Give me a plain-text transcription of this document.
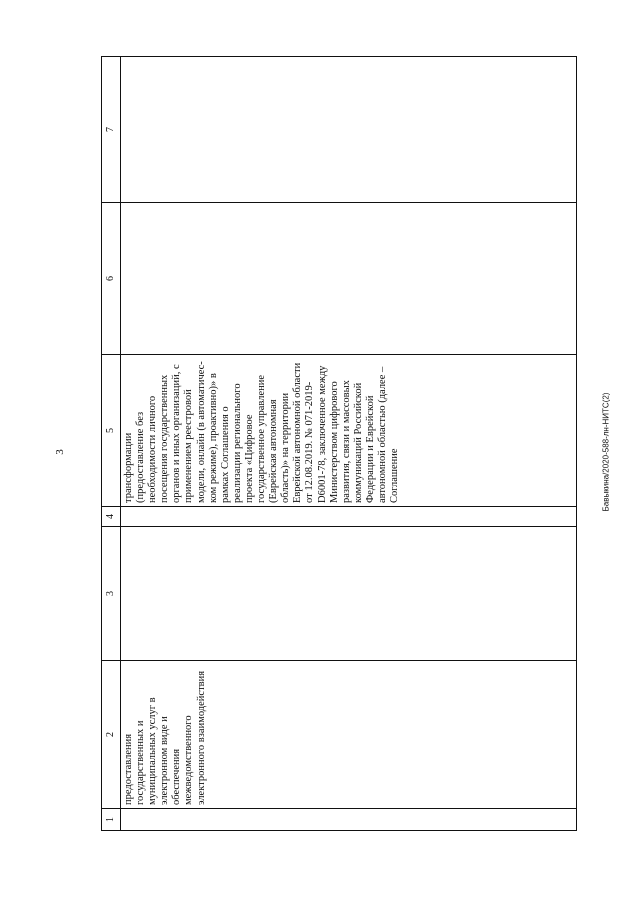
3	Бавыкина/2020-588-лн-НИТС(2)
1	2	3	4	5	6	7

	предоставления государственных и муниципальных услуг в электронном виде и обеспечения межведомственного электронного взаимодействия			трансформации (предоставление без необходимости личного посещения государственных органов и иных организаций, с применением реестровой модели, онлайн (в автоматичес-ком режиме), проактивно)» в рамках Соглашения о реализации регионального проекта «Цифровое государственное управление (Еврейская автономная область)» на территории Еврейской автономной области от 12.08.2019. № 071-2019-D6001-78, заключенное между Министерством цифрового развития, связи и массовых коммуникаций Российской Федерации и Еврейской автономной областью (далее – Соглашение		
